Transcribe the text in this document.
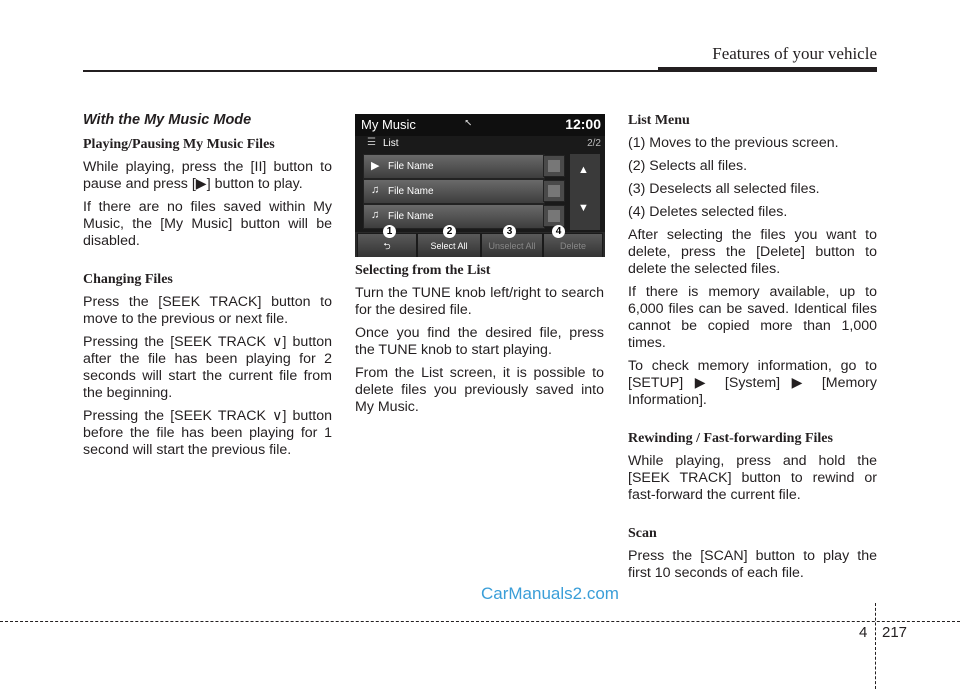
Features of your vehicle
With the My Music Mode
Playing/Pausing My Music Files

While playing, press the [II] button to pause and press [▶] button to play.

If there are no files saved within My Music, the [My Music] button will be disabled.

Changing Files

Press the [SEEK TRACK] button to move to the previous or next file.

Pressing the [SEEK TRACK ∨] button after the file has been playing for 2 seconds will start the current file from the beginning.

Pressing the [SEEK TRACK ∨] button before the file has been playing for 1 second will start the previous file.

My Music	⭦	12:00
☰ List	2/2
▶ File Name
♫ File Name
♫ File Name
▲
▼
⮌	Select All	Unselect All	Delete
1	2	3	4
Selecting from the List

Turn the TUNE knob left/right to search for the desired file.

Once you find the desired file, press the TUNE knob to start playing.

From the List screen, it is possible to delete files you previously saved into My Music.

List Menu

(1) Moves to the previous screen.

(2) Selects all files.

(3) Deselects all selected files.

(4) Deletes selected files.

After selecting the files you want to delete, press the [Delete] button to delete the selected files.

If there is memory available, up to 6,000 files can be saved. Identical files cannot be copied more than 1,000 times.

To check memory information, go to [SETUP] ▶ [System] ▶ [Memory Information].

Rewinding / Fast-forwarding Files

While playing, press and hold the [SEEK TRACK] button to rewind or fast-forward the current file.

Scan

Press the [SCAN] button to play the first 10 seconds of each file.

CarManuals2.com
4 217
